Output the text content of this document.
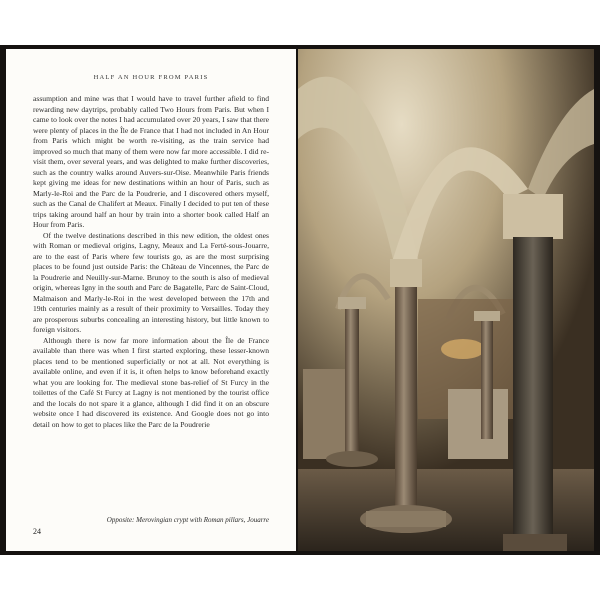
HALF AN HOUR FROM PARIS

assumption and mine was that I would have to travel further afield to find rewarding new daytrips, probably called Two Hours from Paris. But when I came to look over the notes I had accumulated over 20 years, I saw that there were plenty of places in the Île de France that I had not included in An Hour from Paris which might be worth re-visiting, as the train service had improved so much that many of them were now far more accessible. I did re-visit them, over several years, and was delighted to make further discoveries, such as the country walks around Auvers-sur-Oise. Meanwhile Paris friends kept giving me ideas for new destinations within an hour of Paris, such as Marly-le-Roi and the Parc de la Poudrerie, and I discovered others myself, such as the Canal de Chalifert at Meaux. Finally I decided to put ten of these trips taking around half an hour by train into a shorter book called Half an Hour from Paris.

Of the twelve destinations described in this new edition, the oldest ones with Roman or medieval origins, Lagny, Meaux and La Ferté-sous-Jouarre, are to the east of Paris where few tourists go, as are the most surprising places to be found just outside Paris: the Château de Vincennes, the Parc de la Poudrerie and Neuilly-sur-Marne. Brunoy to the south is also of medieval origin, whereas Igny in the south and Parc de Bagatelle, Parc de Saint-Cloud, Malmaison and Marly-le-Roi in the west developed between the 17th and 19th centuries mainly as a result of their proximity to Versailles. Today they are prosperous suburbs concealing an interesting history, but little known to foreign visitors.

Although there is now far more information about the Île de France available than there was when I first started exploring, these lesser-known places tend to be mentioned superficially or not at all. Not everything is available online, and even if it is, it often helps to know beforehand exactly what you are looking for. The medieval stone bas-relief of St Furcy in the toilettes of the Café St Furcy at Lagny is not mentioned by the tourist office and the locals do not spare it a glance, although I did find it on an obscure website once I had discovered its existence. And Google does not go into detail on how to get to places like the Parc de la Poudrerie

Opposite: Merovingian crypt with Roman pillars, Jouarre
24
